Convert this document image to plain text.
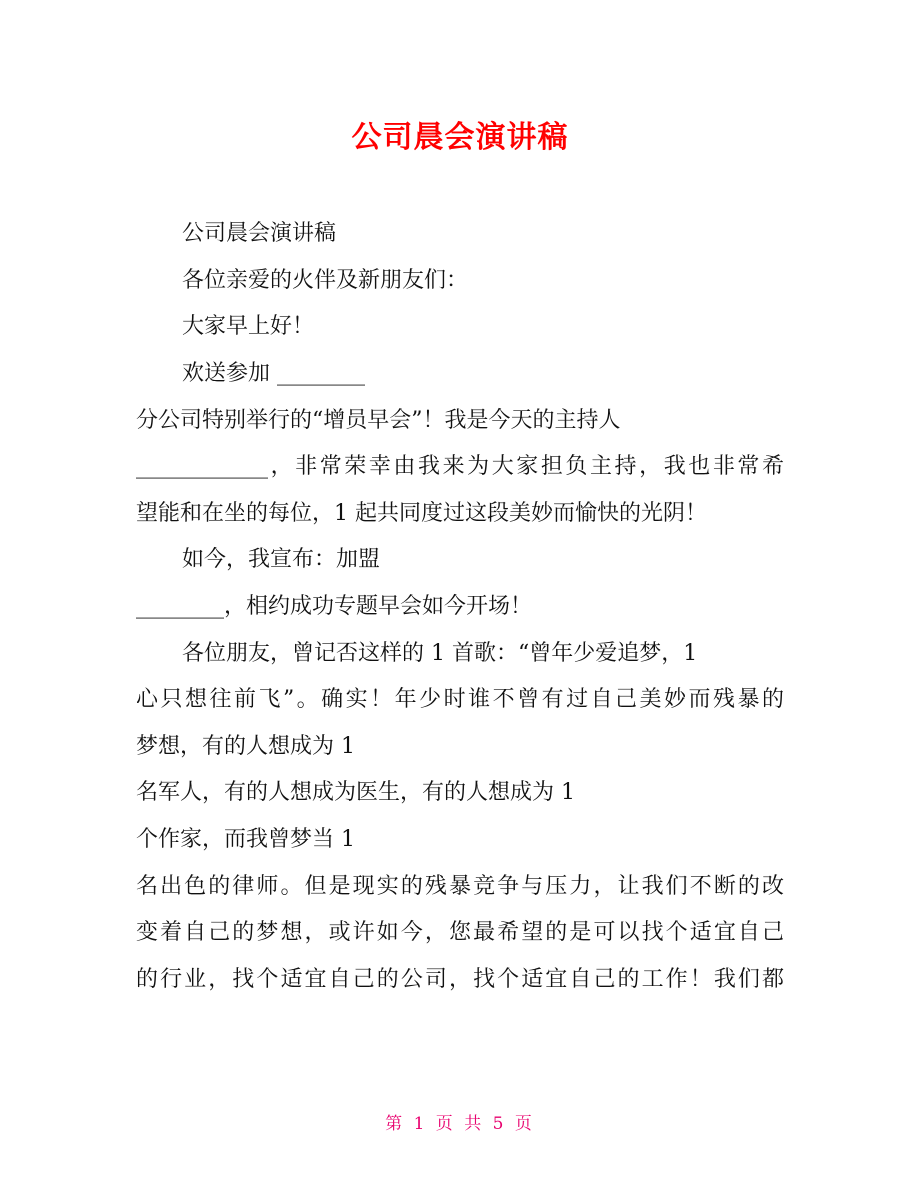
公司晨会演讲稿
公司晨会演讲稿
各位亲爱的火伴及新朋友们：
大家早上好！
欢送参加 ________
分公司特别举行的“增员早会”！我是今天的主持人
____________，非常荣幸由我来为大家担负主持，我也非常希
望能和在坐的每位，1 起共同度过这段美妙而愉快的光阴！
如今，我宣布：加盟
________，相约成功专题早会如今开场！
各位朋友，曾记否这样的 1 首歌：“曾年少爱追梦，1
心只想往前飞”。确实！年少时谁不曾有过自己美妙而残暴的
梦想，有的人想成为 1
名军人，有的人想成为医生，有的人想成为 1
个作家，而我曾梦当 1
名出色的律师。但是现实的残暴竞争与压力，让我们不断的改
变着自己的梦想，或许如今，您最希望的是可以找个适宜自己
的行业，找个适宜自己的公司，找个适宜自己的工作！我们都
第 1 页 共 5 页
